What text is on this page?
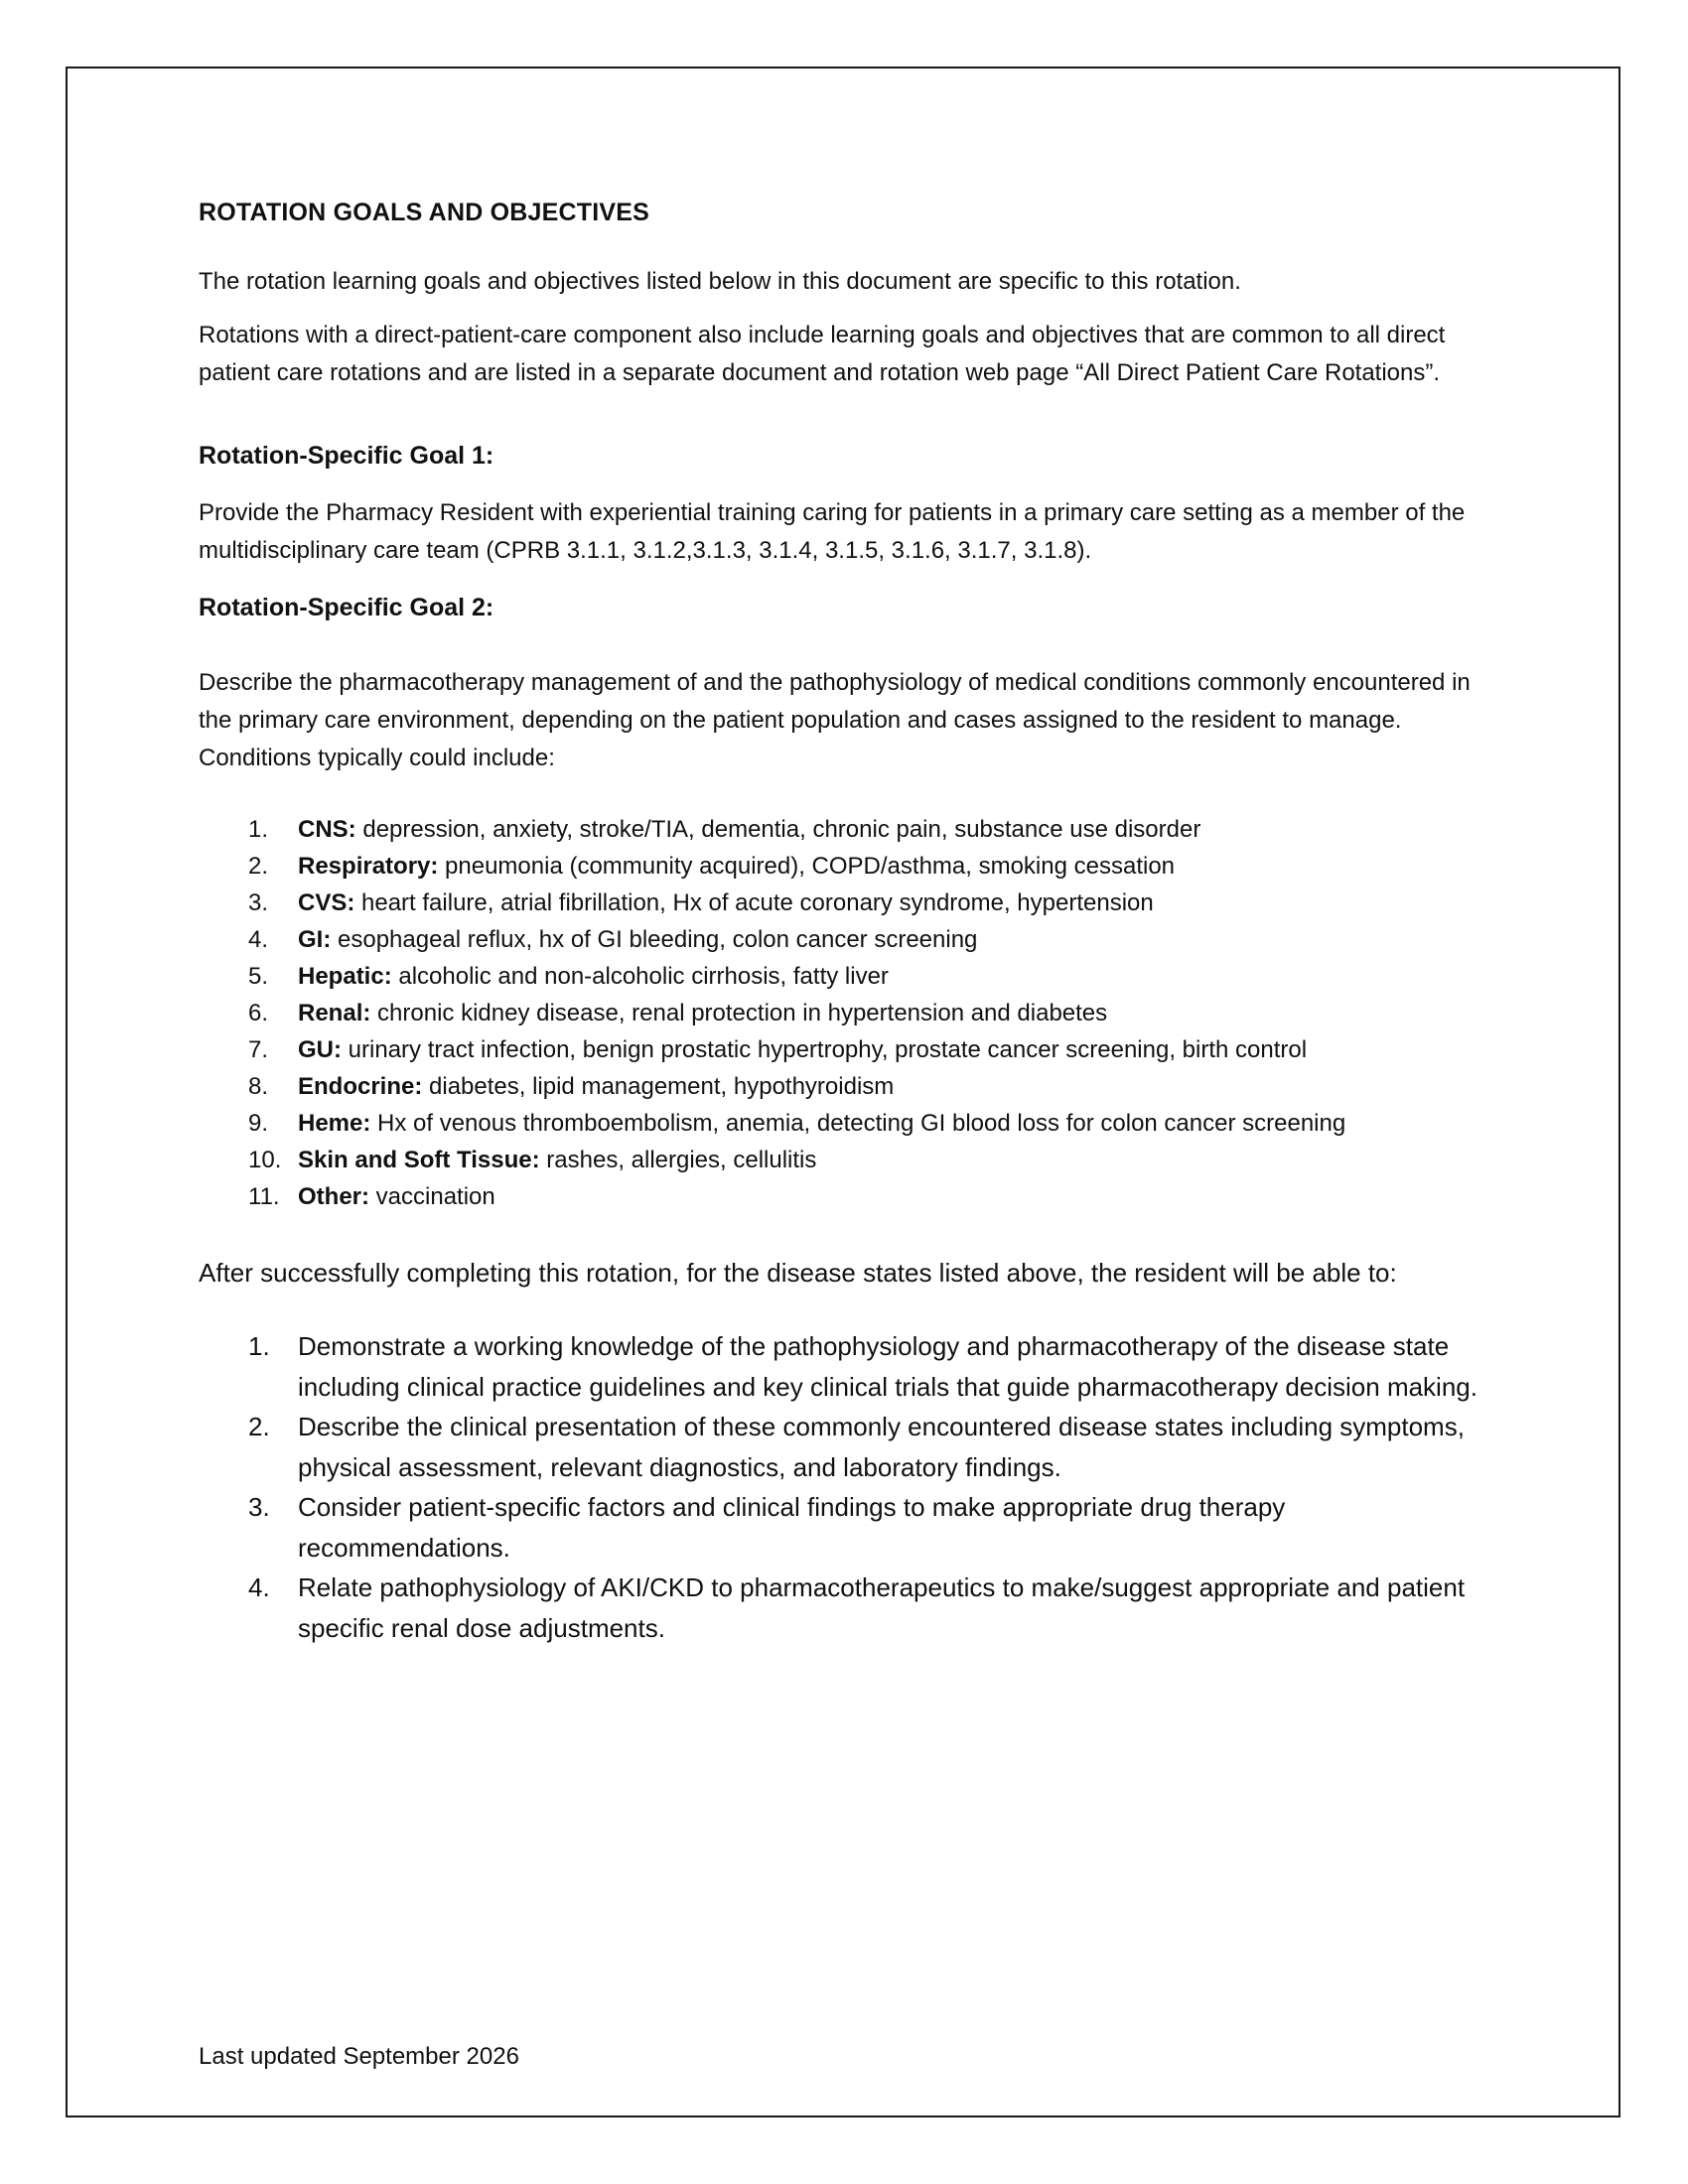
ROTATION GOALS AND OBJECTIVES

The rotation learning goals and objectives listed below in this document are specific to this rotation.

Rotations with a direct-patient-care component also include learning goals and objectives that are common to all direct patient care rotations and are listed in a separate document and rotation web page “All Direct Patient Care Rotations”.

Rotation-Specific Goal 1:

Provide the Pharmacy Resident with experiential training caring for patients in a primary care setting as a member of the multidisciplinary care team (CPRB 3.1.1, 3.1.2,3.1.3, 3.1.4, 3.1.5, 3.1.6, 3.1.7, 3.1.8).

Rotation-Specific Goal 2:

Describe the pharmacotherapy management of and the pathophysiology of medical conditions commonly encountered in the primary care environment, depending on the patient population and cases assigned to the resident to manage. Conditions typically could include:

1. CNS: depression, anxiety, stroke/TIA, dementia, chronic pain, substance use disorder
2. Respiratory: pneumonia (community acquired), COPD/asthma, smoking cessation
3. CVS: heart failure, atrial fibrillation, Hx of acute coronary syndrome, hypertension
4. GI: esophageal reflux, hx of GI bleeding, colon cancer screening
5. Hepatic: alcoholic and non-alcoholic cirrhosis, fatty liver
6. Renal: chronic kidney disease, renal protection in hypertension and diabetes
7. GU: urinary tract infection, benign prostatic hypertrophy, prostate cancer screening, birth control
8. Endocrine: diabetes, lipid management, hypothyroidism
9. Heme: Hx of venous thromboembolism, anemia, detecting GI blood loss for colon cancer screening
10. Skin and Soft Tissue: rashes, allergies, cellulitis
11. Other: vaccination

After successfully completing this rotation, for the disease states listed above, the resident will be able to:

1. Demonstrate a working knowledge of the pathophysiology and pharmacotherapy of the disease state including clinical practice guidelines and key clinical trials that guide pharmacotherapy decision making.
2. Describe the clinical presentation of these commonly encountered disease states including symptoms, physical assessment, relevant diagnostics, and laboratory findings.
3. Consider patient-specific factors and clinical findings to make appropriate drug therapy recommendations.
4. Relate pathophysiology of AKI/CKD to pharmacotherapeutics to make/suggest appropriate and patient specific renal dose adjustments.
Last updated September 2026
